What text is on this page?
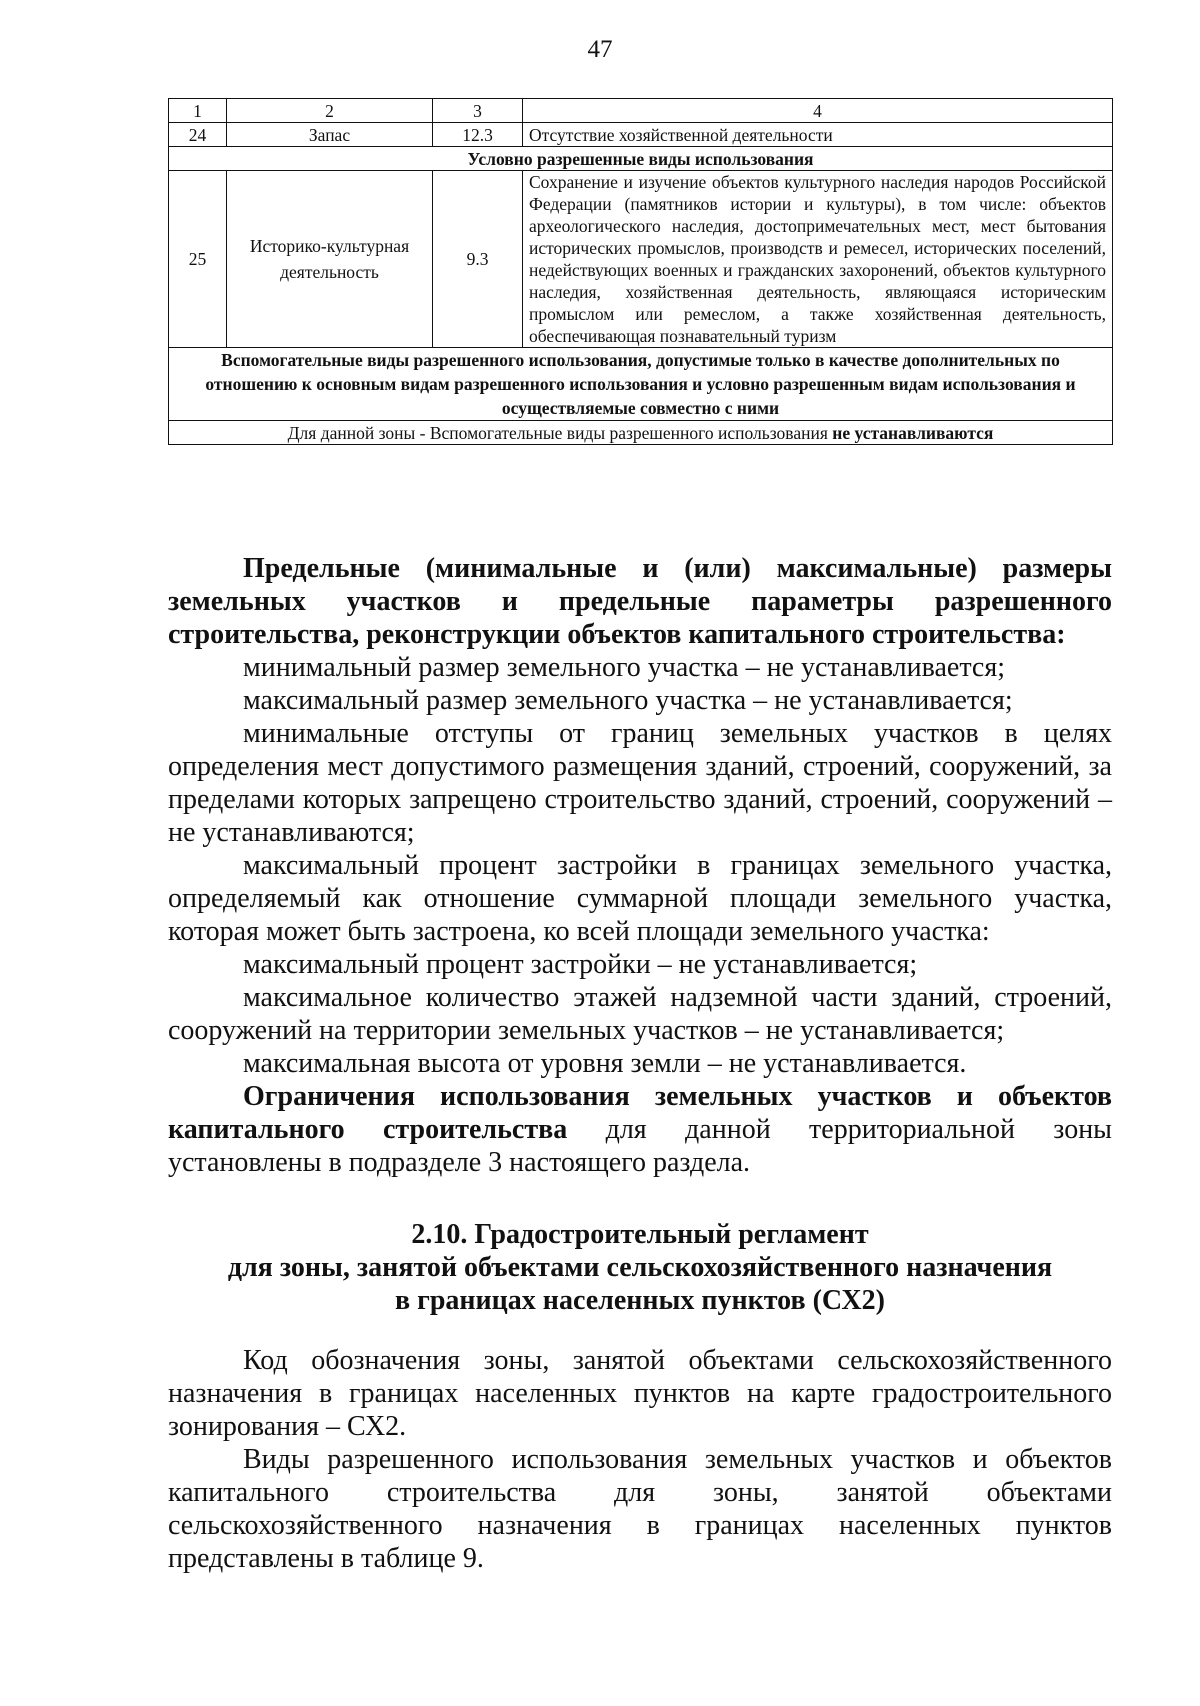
47
1	2	3	4
24	Запас	12.3	Отсутствие хозяйственной деятельности
Условно разрешенные виды использования			
25	Историко-культурная деятельность	9.3	Сохранение и изучение объектов культурного наследия народов Российской Федерации (памятников истории и культуры), в том числе: объектов археологического наследия, достопримечательных мест, мест бытования исторических промыслов, производств и ремесел, исторических поселений, недействующих военных и гражданских захоронений, объектов культурного наследия, хозяйственная деятельность, являющаяся историческим промыслом или ремеслом, а также хозяйственная деятельность, обеспечивающая познавательный туризм
Вспомогательные виды разрешенного использования, допустимые только в качестве дополнительных по отношению к основным видам разрешенного использования и условно разрешенным видам использования и осуществляемые совместно с ними			
Для данной зоны - Вспомогательные виды разрешенного использования не устанавливаются			

Предельные (минимальные и (или) максимальные) размеры земельных участков и предельные параметры разрешенного строительства, реконструкции объектов капитального строительства:

минимальный размер земельного участка – не устанавливается;

максимальный размер земельного участка – не устанавливается;

минимальные отступы от границ земельных участков в целях определения мест допустимого размещения зданий, строений, сооружений, за пределами которых запрещено строительство зданий, строений, сооружений – не устанавливаются;

максимальный процент застройки в границах земельного участка, определяемый как отношение суммарной площади земельного участка, которая может быть застроена, ко всей площади земельного участка:

максимальный процент застройки – не устанавливается;

максимальное количество этажей надземной части зданий, строений, сооружений на территории земельных участков – не устанавливается;

максимальная высота от уровня земли – не устанавливается.

Ограничения использования земельных участков и объектов капитального строительства для данной территориальной зоны установлены в подразделе 3 настоящего раздела.

2.10. Градостроительный регламент
для зоны, занятой объектами сельскохозяйственного назначения
в границах населенных пунктов (СХ2)

Код обозначения зоны, занятой объектами сельскохозяйственного назначения в границах населенных пунктов на карте градостроительного зонирования – СХ2.

Виды разрешенного использования земельных участков и объектов капитального строительства для зоны, занятой объектами сельскохозяйственного назначения в границах населенных пунктов представлены в таблице 9.
